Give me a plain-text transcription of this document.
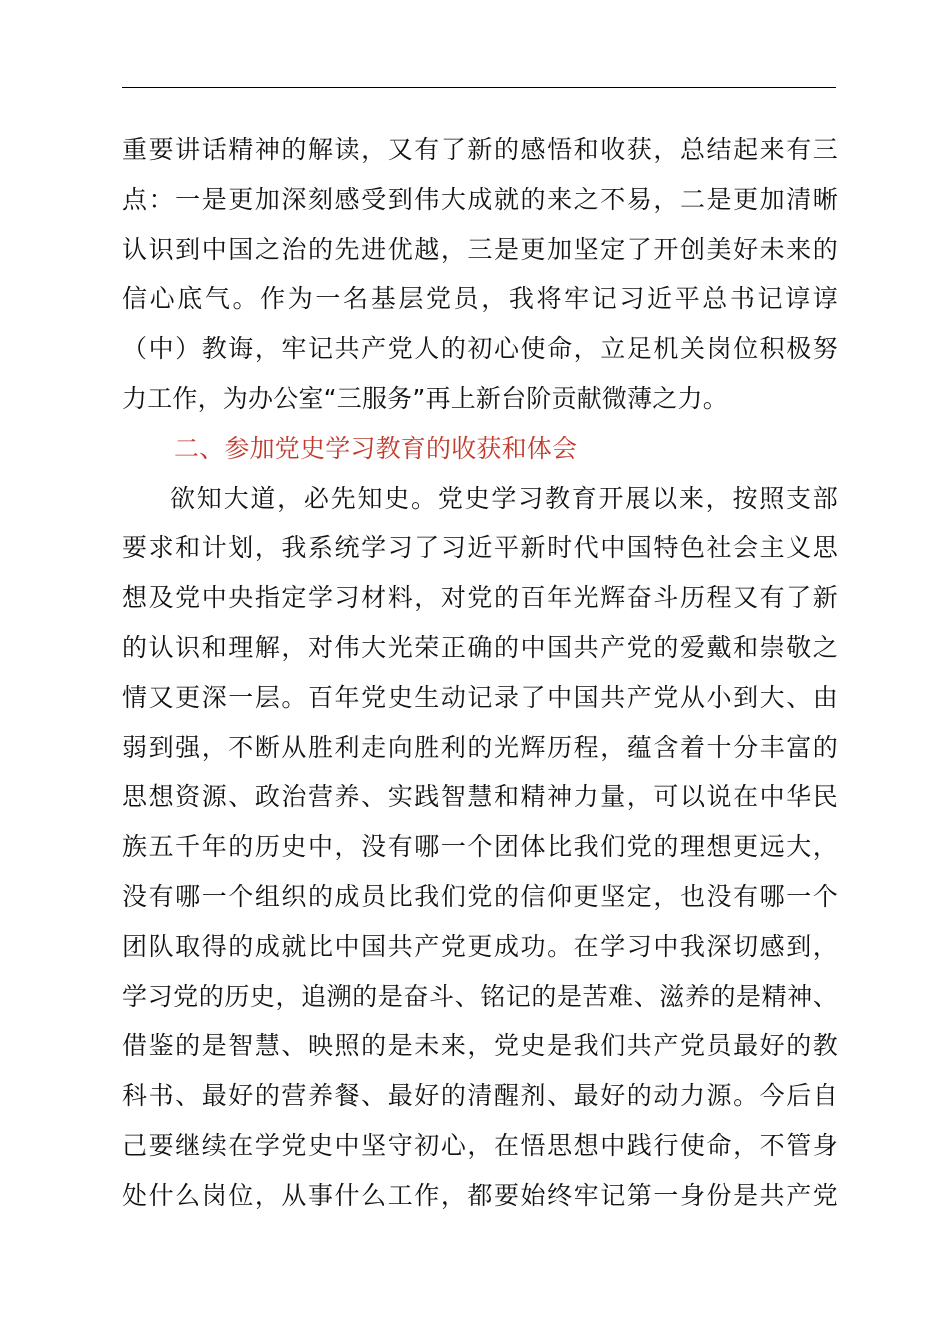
重要讲话精神的解读，又有了新的感悟和收获，总结起来有三
点：一是更加深刻感受到伟大成就的来之不易，二是更加清晰
认识到中国之治的先进优越，三是更加坚定了开创美好未来的
信心底气。作为一名基层党员，我将牢记习近平总书记谆谆
（中）教诲，牢记共产党人的初心使命，立足机关岗位积极努
力工作，为办公室“三服务”再上新台阶贡献微薄之力。
二、参加党史学习教育的收获和体会
欲知大道，必先知史。党史学习教育开展以来，按照支部
要求和计划，我系统学习了习近平新时代中国特色社会主义思
想及党中央指定学习材料，对党的百年光辉奋斗历程又有了新
的认识和理解，对伟大光荣正确的中国共产党的爱戴和崇敬之
情又更深一层。百年党史生动记录了中国共产党从小到大、由
弱到强，不断从胜利走向胜利的光辉历程，蕴含着十分丰富的
思想资源、政治营养、实践智慧和精神力量，可以说在中华民
族五千年的历史中，没有哪一个团体比我们党的理想更远大，
没有哪一个组织的成员比我们党的信仰更坚定，也没有哪一个
团队取得的成就比中国共产党更成功。在学习中我深切感到，
学习党的历史，追溯的是奋斗、铭记的是苦难、滋养的是精神、
借鉴的是智慧、映照的是未来，党史是我们共产党员最好的教
科书、最好的营养餐、最好的清醒剂、最好的动力源。今后自
己要继续在学党史中坚守初心，在悟思想中践行使命，不管身
处什么岗位，从事什么工作，都要始终牢记第一身份是共产党
